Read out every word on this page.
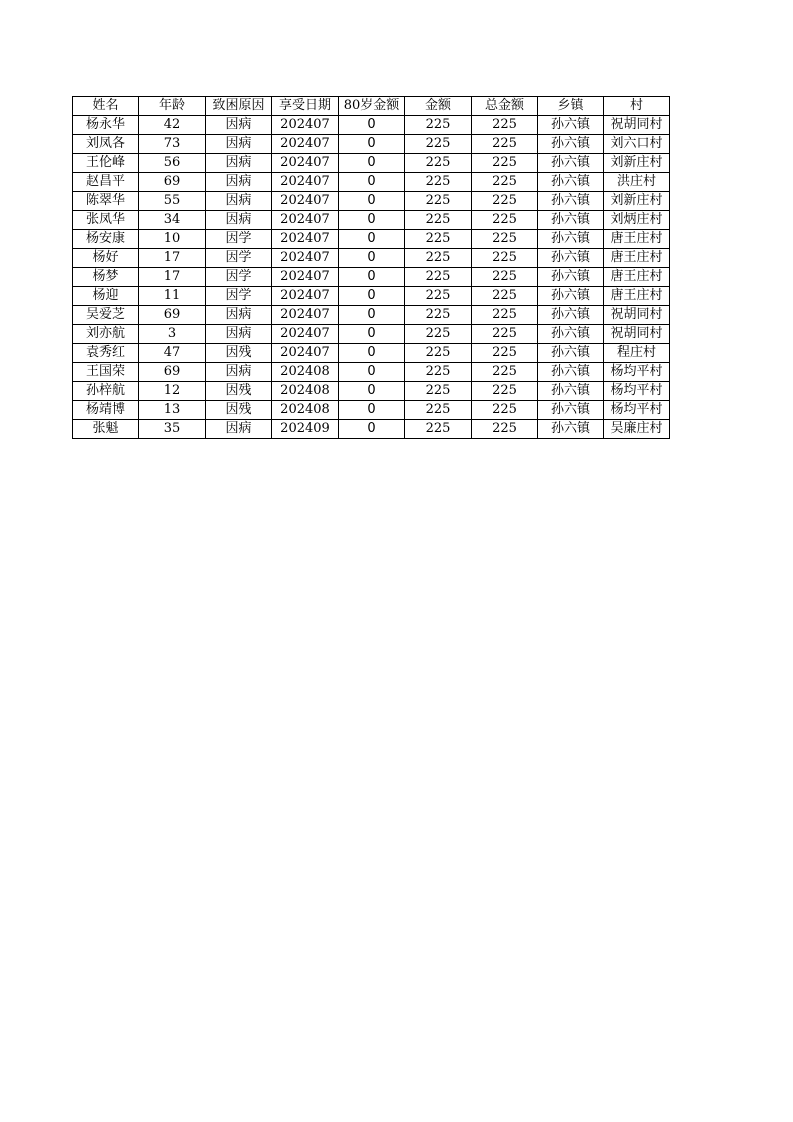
姓名	年龄	致困原因	享受日期	80岁金额	金额	总金额	乡镇	村
杨永华	42	因病	202407	0	225	225	孙六镇	祝胡同村
刘凤各	73	因病	202407	0	225	225	孙六镇	刘六口村
王伦峰	56	因病	202407	0	225	225	孙六镇	刘新庄村
赵昌平	69	因病	202407	0	225	225	孙六镇	洪庄村
陈翠华	55	因病	202407	0	225	225	孙六镇	刘新庄村
张凤华	34	因病	202407	0	225	225	孙六镇	刘炳庄村
杨安康	10	因学	202407	0	225	225	孙六镇	唐王庄村
杨好	17	因学	202407	0	225	225	孙六镇	唐王庄村
杨梦	17	因学	202407	0	225	225	孙六镇	唐王庄村
杨迎	11	因学	202407	0	225	225	孙六镇	唐王庄村
吴爱芝	69	因病	202407	0	225	225	孙六镇	祝胡同村
刘亦航	3	因病	202407	0	225	225	孙六镇	祝胡同村
袁秀红	47	因残	202407	0	225	225	孙六镇	程庄村
王国荣	69	因病	202408	0	225	225	孙六镇	杨均平村
孙梓航	12	因残	202408	0	225	225	孙六镇	杨均平村
杨靖博	13	因残	202408	0	225	225	孙六镇	杨均平村
张魁	35	因病	202409	0	225	225	孙六镇	吴廉庄村
